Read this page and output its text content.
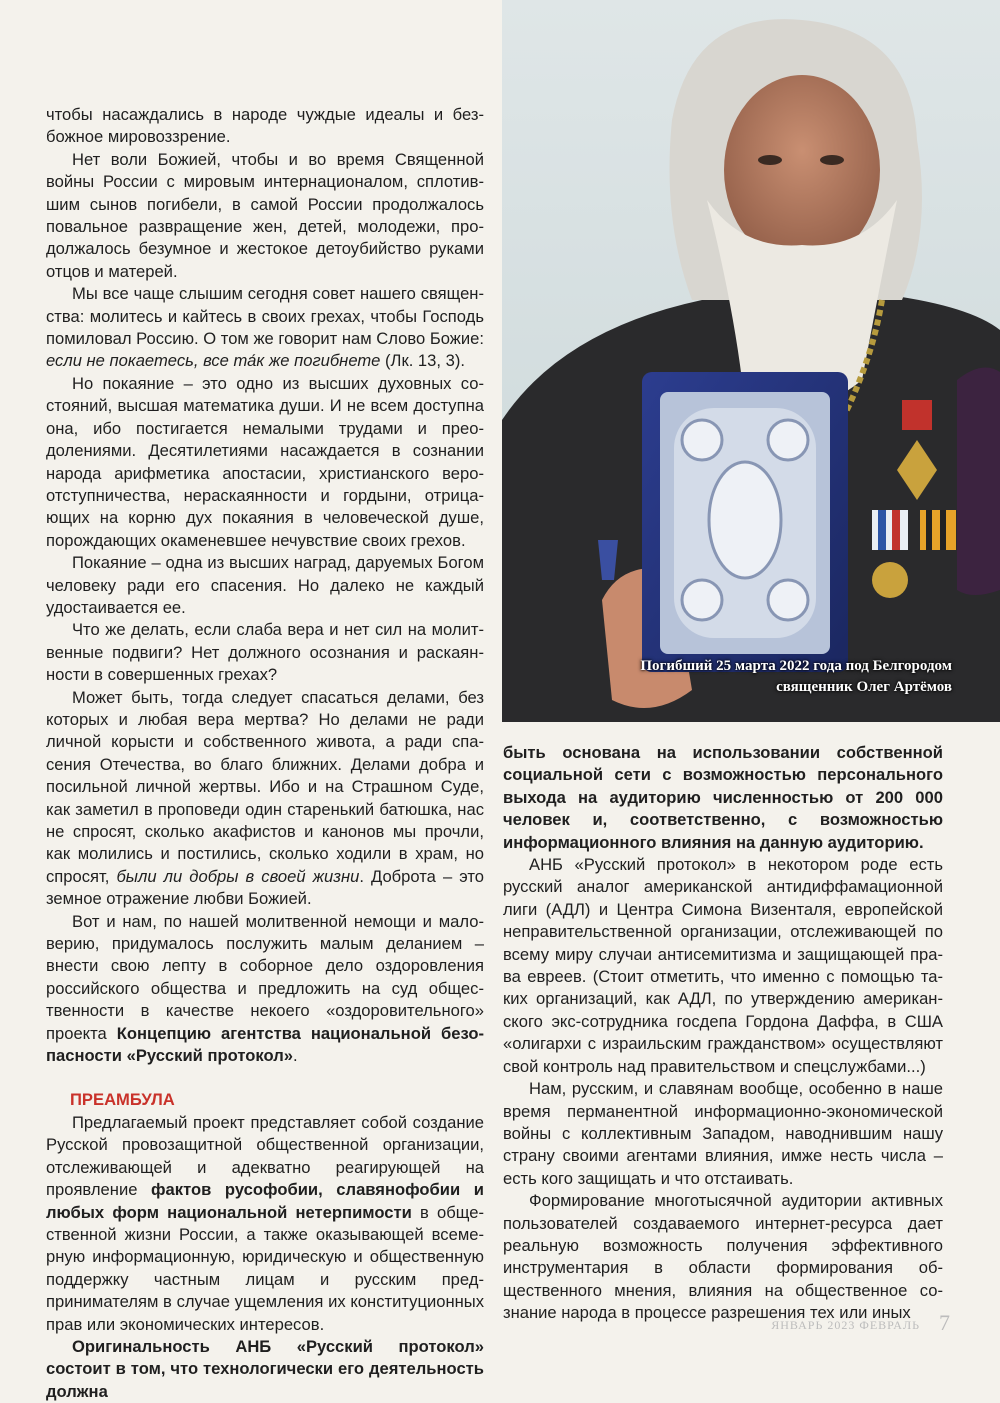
Погибший 25 марта 2022 года под Белгородом
священник Олег Артёмов

чтобы насаждались в народе чуждые идеалы и безбожное мировоззрение.

Нет воли Божией, чтобы и во время Священной войны России с мировым интернационалом, сплотившим сынов погибели, в самой России продолжалось повальное развращение жен, детей, молодежи, продолжалось безумное и жестокое детоубийство руками отцов и матерей.

Мы все чаще слышим сегодня совет нашего священства: молитесь и кайтесь в своих грехах, чтобы Господь помиловал Россию. О том же говорит нам Слово Божие: если не покаетесь, все та́к же погибнете (Лк. 13, 3).

Но покаяние – это одно из высших духовных состояний, высшая математика души. И не всем доступна она, ибо постигается немалыми трудами и преодолениями. Десятилетиями насаждается в сознании народа арифметика апостасии, христианского вероотступничества, нераскаянности и гордыни, отрицающих на корню дух покаяния в человеческой душе, порождающих окаменевшее нечувствие своих грехов.

Покаяние – одна из высших наград, даруемых Богом человеку ради его спасения. Но далеко не каждый удостаивается ее.

Что же делать, если слаба вера и нет сил на молитвенные подвиги? Нет должного осознания и раскаянности в совершенных грехах?

Может быть, тогда следует спасаться делами, без которых и любая вера мертва? Но делами не ради личной корысти и собственного живота, а ради спасения Отечества, во благо ближних. Делами добра и посильной личной жертвы. Ибо и на Страшном Суде, как заметил в проповеди один старенький батюшка, нас не спросят, сколько акафистов и канонов мы прочли, как молились и постились, сколько ходили в храм, но спросят, были ли добры в своей жизни. Доброта – это земное отражение любви Божией.

Вот и нам, по нашей молитвенной немощи и маловерию, придумалось послужить малым деланием – внести свою лепту в соборное дело оздоровления российского общества и предложить на суд общественности в качестве некоего «оздоровительного» проекта Концепцию агентства национальной безопасности «Русский протокол».

ПРЕАМБУЛА

Предлагаемый проект представляет собой создание Русской провозащитной общественной организации, отслеживающей и адекватно реагирующей на проявление фактов русофобии, славянофобии и любых форм национальной нетерпимости в общественной жизни России, а также оказывающей всемерную информационную, юридическую и общественную поддержку частным лицам и русским предпринимателям в случае ущемления их конституционных прав или экономических интересов.

Оригинальность АНБ «Русский протокол» состоит в том, что технологически его деятельность должна

быть основана на использовании собственной социальной сети с возможностью персонального выхода на аудиторию численностью от 200 000 человек и, соответственно, с возможностью информационного влияния на данную аудиторию.

АНБ «Русский протокол» в некотором роде есть русский аналог американской антидиффамационной лиги (АДЛ) и Центра Симона Визенталя, европейской неправительственной организации, отслеживающей по всему миру случаи антисемитизма и защищающей права евреев. (Стоит отметить, что именно с помощью таких организаций, как АДЛ, по утверждению американского экс-сотрудника госдепа Гордона Даффа, в США «олигархи с израильским гражданством» осуществляют свой контроль над правительством и спецслужбами...)

Нам, русским, и славянам вообще, особенно в наше время перманентной информационно-экономической войны с коллективным Западом, наводнившим нашу страну своими агентами влияния, имже несть числа – есть кого защищать и что отстаивать.

Формирование многотысячной аудитории активных пользователей создаваемого интернет-ресурса дает реальную возможность получения эффективного инструментария в области формирования общественного мнения, влияния на общественное сознание народа в процессе разрешения тех или иных

ЯНВАРЬ 2023 ФЕВРАЛЬ 7
